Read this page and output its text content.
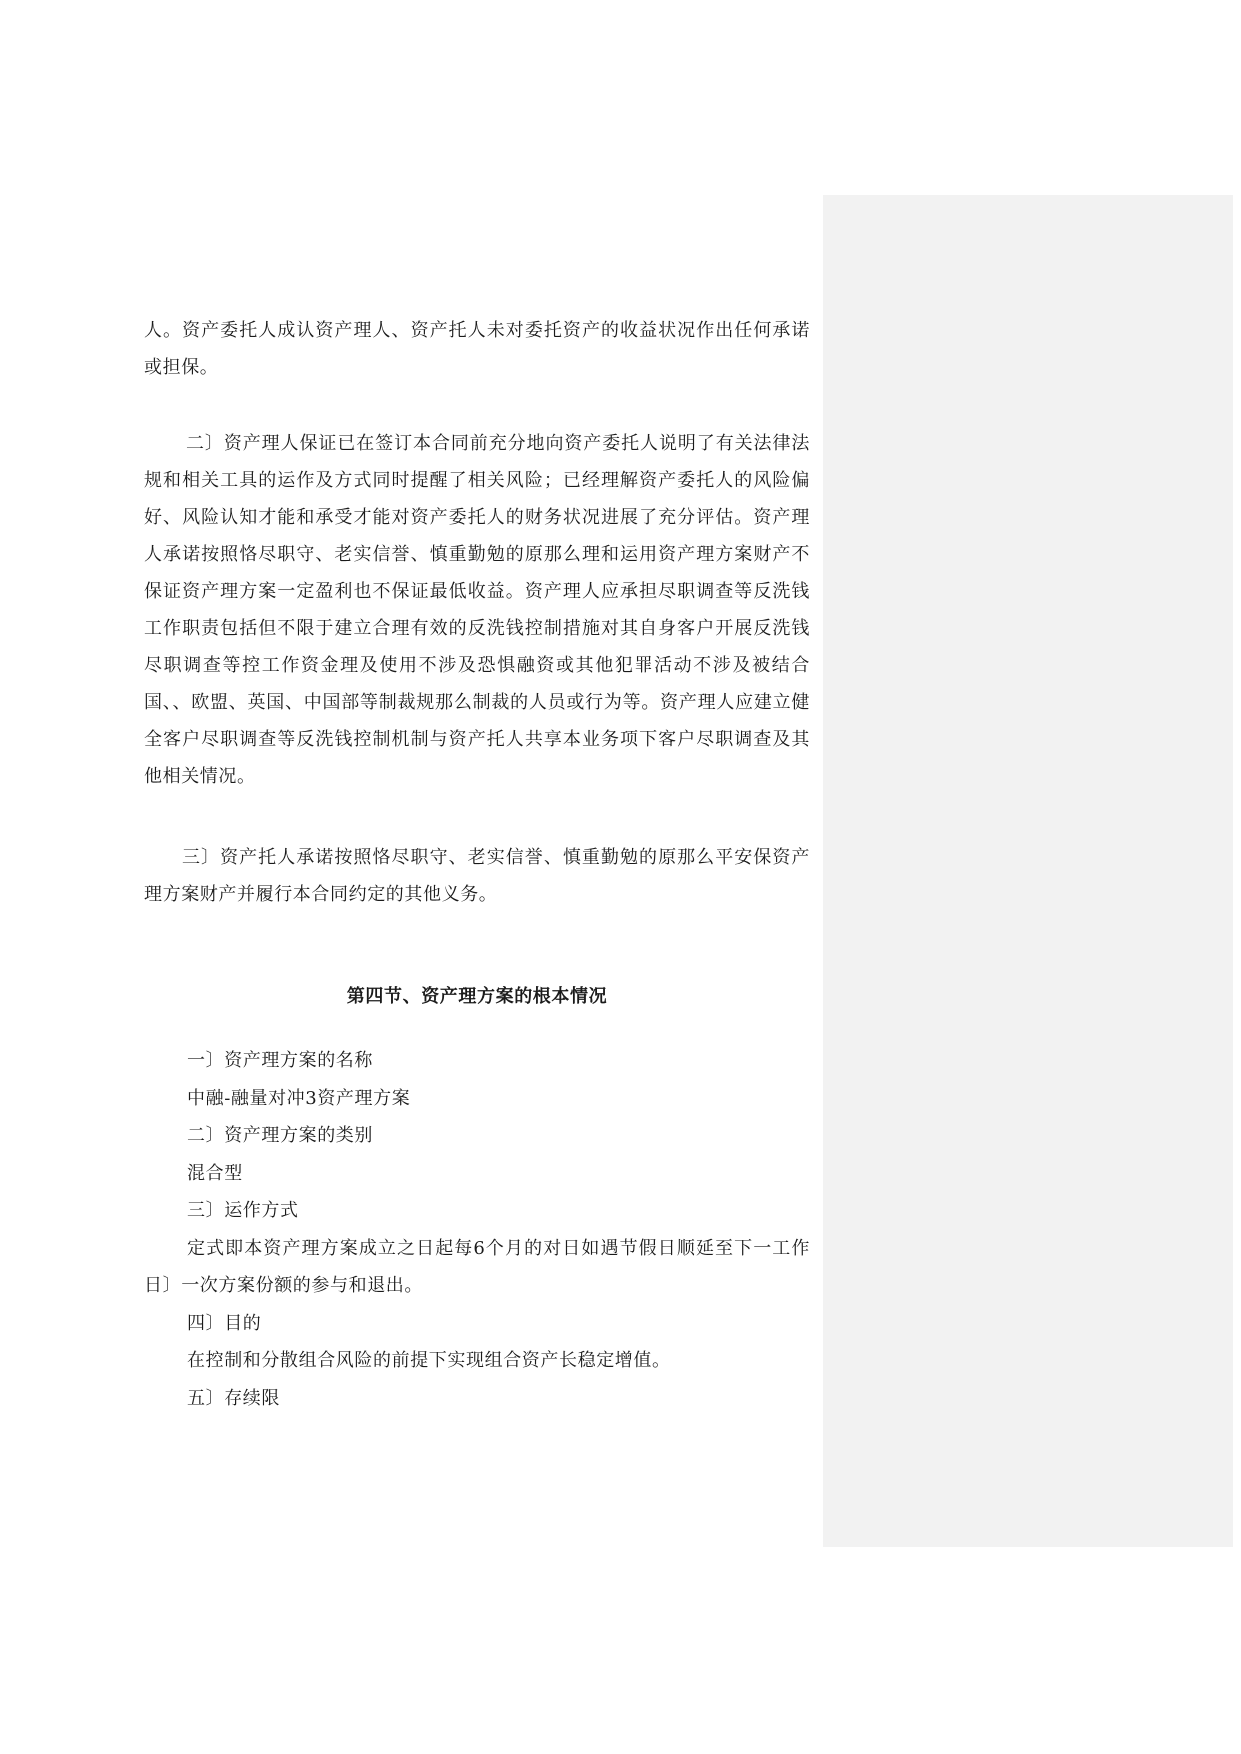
人。资产委托人成认资产理人、资产托人未对委托资产的收益状况作出任何承诺或担保。

二〕资产理人保证已在签订本合同前充分地向资产委托人说明了有关法律法规和相关工具的运作及方式同时提醒了相关风险；已经理解资产委托人的风险偏好、风险认知才能和承受才能对资产委托人的财务状况进展了充分评估。资产理人承诺按照恪尽职守、老实信誉、慎重勤勉的原那么理和运用资产理方案财产不保证资产理方案一定盈利也不保证最低收益。资产理人应承担尽职调查等反洗钱工作职责包括但不限于建立合理有效的反洗钱控制措施对其自身客户开展反洗钱尽职调查等控工作资金理及使用不涉及恐惧融资或其他犯罪活动不涉及被结合国、、欧盟、英国、中国部等制裁规那么制裁的人员或行为等。资产理人应建立健全客户尽职调查等反洗钱控制机制与资产托人共享本业务项下客户尽职调查及其他相关情况。

三〕资产托人承诺按照恪尽职守、老实信誉、慎重勤勉的原那么平安保资产理方案财产并履行本合同约定的其他义务。

第四节、资产理方案的根本情况
一〕资产理方案的名称
中融-融量对冲3资产理方案
二〕资产理方案的类别
混合型
三〕运作方式
定式即本资产理方案成立之日起每6个月的对日如遇节假日顺延至下一工作日〕一次方案份额的参与和退出。
四〕目的
在控制和分散组合风险的前提下实现组合资产长稳定增值。
五〕存续限
